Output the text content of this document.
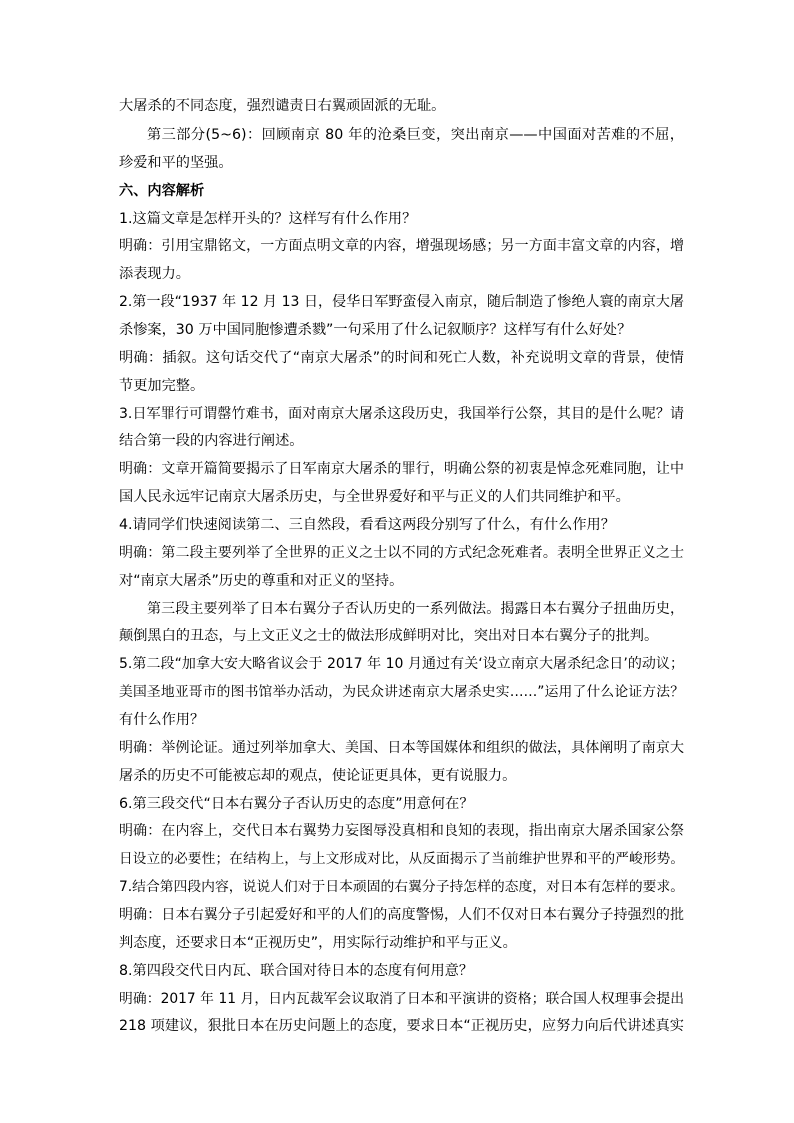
大屠杀的不同态度，强烈谴责日右翼顽固派的无耻。
第三部分(5~6)：回顾南京 80 年的沧桑巨变，突出南京——中国面对苦难的不屈，
珍爱和平的坚强。
六、内容解析
1.这篇文章是怎样开头的？这样写有什么作用？
明确：引用宝鼎铭文，一方面点明文章的内容，增强现场感；另一方面丰富文章的内容，增
添表现力。
2.第一段“1937 年 12 月 13 日，侵华日军野蛮侵入南京，随后制造了惨绝人寰的南京大屠
杀惨案，30 万中国同胞惨遭杀戮”一句采用了什么记叙顺序？这样写有什么好处？
明确：插叙。这句话交代了“南京大屠杀”的时间和死亡人数，补充说明文章的背景，使情
节更加完整。
3.日军罪行可谓罄竹难书，面对南京大屠杀这段历史，我国举行公祭，其目的是什么呢？请
结合第一段的内容进行阐述。
明确：文章开篇简要揭示了日军南京大屠杀的罪行，明确公祭的初衷是悼念死难同胞，让中
国人民永远牢记南京大屠杀历史，与全世界爱好和平与正义的人们共同维护和平。
4.请同学们快速阅读第二、三自然段，看看这两段分别写了什么，有什么作用？
明确：第二段主要列举了全世界的正义之士以不同的方式纪念死难者。表明全世界正义之士
对“南京大屠杀”历史的尊重和对正义的坚持。
第三段主要列举了日本右翼分子否认历史的一系列做法。揭露日本右翼分子扭曲历史，
颠倒黑白的丑态，与上文正义之士的做法形成鲜明对比，突出对日本右翼分子的批判。
5.第二段“加拿大安大略省议会于 2017 年 10 月通过有关‘设立南京大屠杀纪念日’的动议；
美国圣地亚哥市的图书馆举办活动，为民众讲述南京大屠杀史实……”运用了什么论证方法？
有什么作用？
明确：举例论证。通过列举加拿大、美国、日本等国媒体和组织的做法，具体阐明了南京大
屠杀的历史不可能被忘却的观点，使论证更具体，更有说服力。
6.第三段交代“日本右翼分子否认历史的态度”用意何在？
明确：在内容上，交代日本右翼势力妄图辱没真相和良知的表现，指出南京大屠杀国家公祭
日设立的必要性；在结构上，与上文形成对比，从反面揭示了当前维护世界和平的严峻形势。
7.结合第四段内容，说说人们对于日本顽固的右翼分子持怎样的态度，对日本有怎样的要求。
明确：日本右翼分子引起爱好和平的人们的高度警惕，人们不仅对日本右翼分子持强烈的批
判态度，还要求日本“正视历史”，用实际行动维护和平与正义。
8.第四段交代日内瓦、联合国对待日本的态度有何用意？
明确：2017 年 11 月，日内瓦裁军会议取消了日本和平演讲的资格；联合国人权理事会提出
218 项建议，狠批日本在历史问题上的态度，要求日本“正视历史，应努力向后代讲述真实
